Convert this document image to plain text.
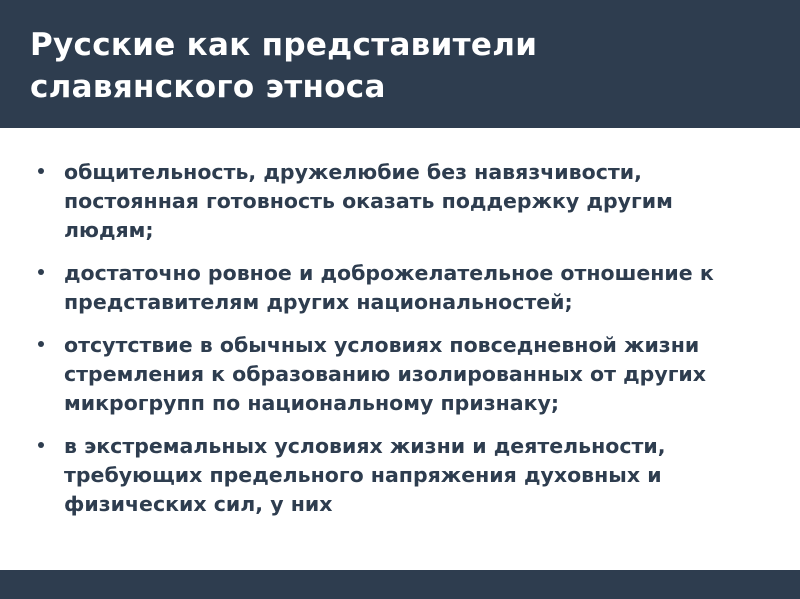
Русские как представители
славянского этноса
общительность, дружелюбие без навязчивости, постоянная готовность оказать поддержку другим людям;
достаточно ровное и доброжелательное отношение к представителям других национальностей;
отсутствие в обычных условиях повседневной жизни стремления к образованию изолированных от других микрогрупп по национальному признаку;
в экстремальных условиях жизни и деятельности, требующих предельного напряжения духовных и физических сил, у них
